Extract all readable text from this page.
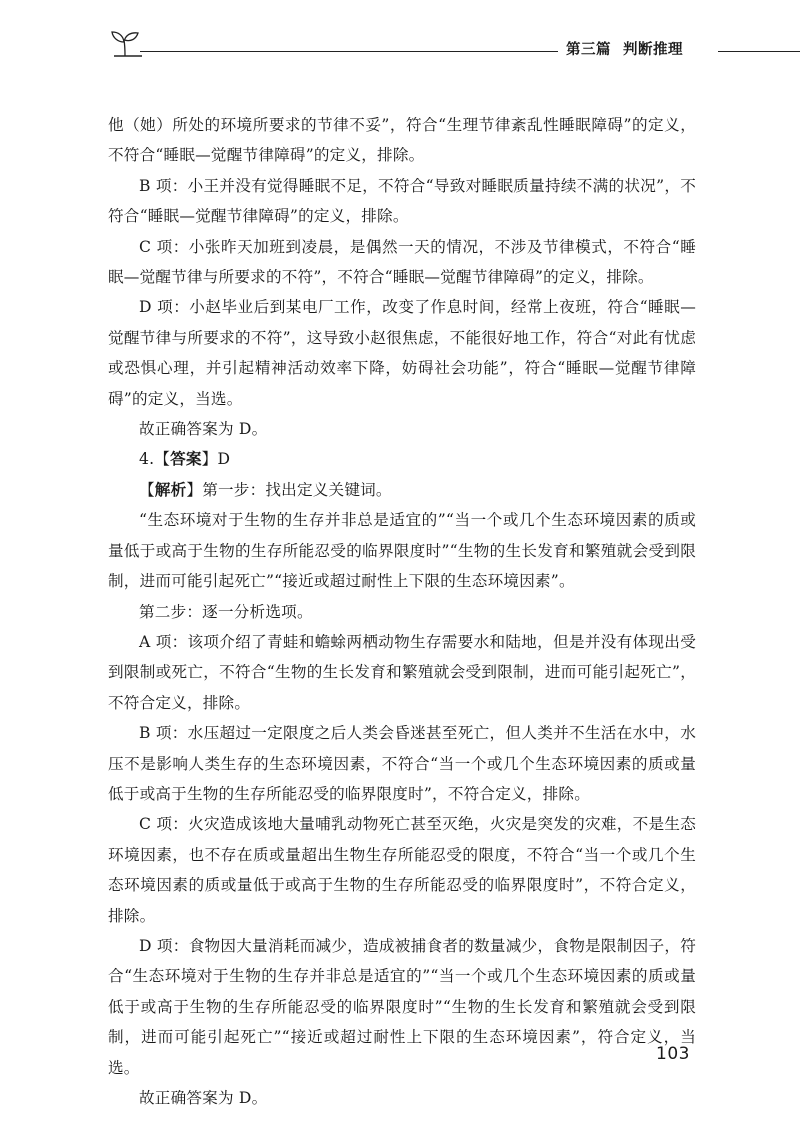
第三篇 判断推理

他（她）所处的环境所要求的节律不妥”，符合“生理节律紊乱性睡眠障碍”的定义，不符合“睡眠—觉醒节律障碍”的定义，排除。

B 项：小王并没有觉得睡眠不足，不符合“导致对睡眠质量持续不满的状况”，不符合“睡眠—觉醒节律障碍”的定义，排除。

C 项：小张昨天加班到凌晨，是偶然一天的情况，不涉及节律模式，不符合“睡眠—觉醒节律与所要求的不符”，不符合“睡眠—觉醒节律障碍”的定义，排除。

D 项：小赵毕业后到某电厂工作，改变了作息时间，经常上夜班，符合“睡眠—觉醒节律与所要求的不符”，这导致小赵很焦虑，不能很好地工作，符合“对此有忧虑或恐惧心理，并引起精神活动效率下降，妨碍社会功能”，符合“睡眠—觉醒节律障碍”的定义，当选。

故正确答案为 D。

4.【答案】D

【解析】第一步：找出定义关键词。

“生态环境对于生物的生存并非总是适宜的”“当一个或几个生态环境因素的质或量低于或高于生物的生存所能忍受的临界限度时”“生物的生长发育和繁殖就会受到限制，进而可能引起死亡”“接近或超过耐性上下限的生态环境因素”。

第二步：逐一分析选项。

A 项：该项介绍了青蛙和蟾蜍两栖动物生存需要水和陆地，但是并没有体现出受到限制或死亡，不符合“生物的生长发育和繁殖就会受到限制，进而可能引起死亡”，不符合定义，排除。

B 项：水压超过一定限度之后人类会昏迷甚至死亡，但人类并不生活在水中，水压不是影响人类生存的生态环境因素，不符合“当一个或几个生态环境因素的质或量低于或高于生物的生存所能忍受的临界限度时”，不符合定义，排除。

C 项：火灾造成该地大量哺乳动物死亡甚至灭绝，火灾是突发的灾难，不是生态环境因素，也不存在质或量超出生物生存所能忍受的限度，不符合“当一个或几个生态环境因素的质或量低于或高于生物的生存所能忍受的临界限度时”，不符合定义，排除。

D 项：食物因大量消耗而减少，造成被捕食者的数量减少，食物是限制因子，符合“生态环境对于生物的生存并非总是适宜的”“当一个或几个生态环境因素的质或量低于或高于生物的生存所能忍受的临界限度时”“生物的生长发育和繁殖就会受到限制，进而可能引起死亡”“接近或超过耐性上下限的生态环境因素”，符合定义，当选。

故正确答案为 D。

103
